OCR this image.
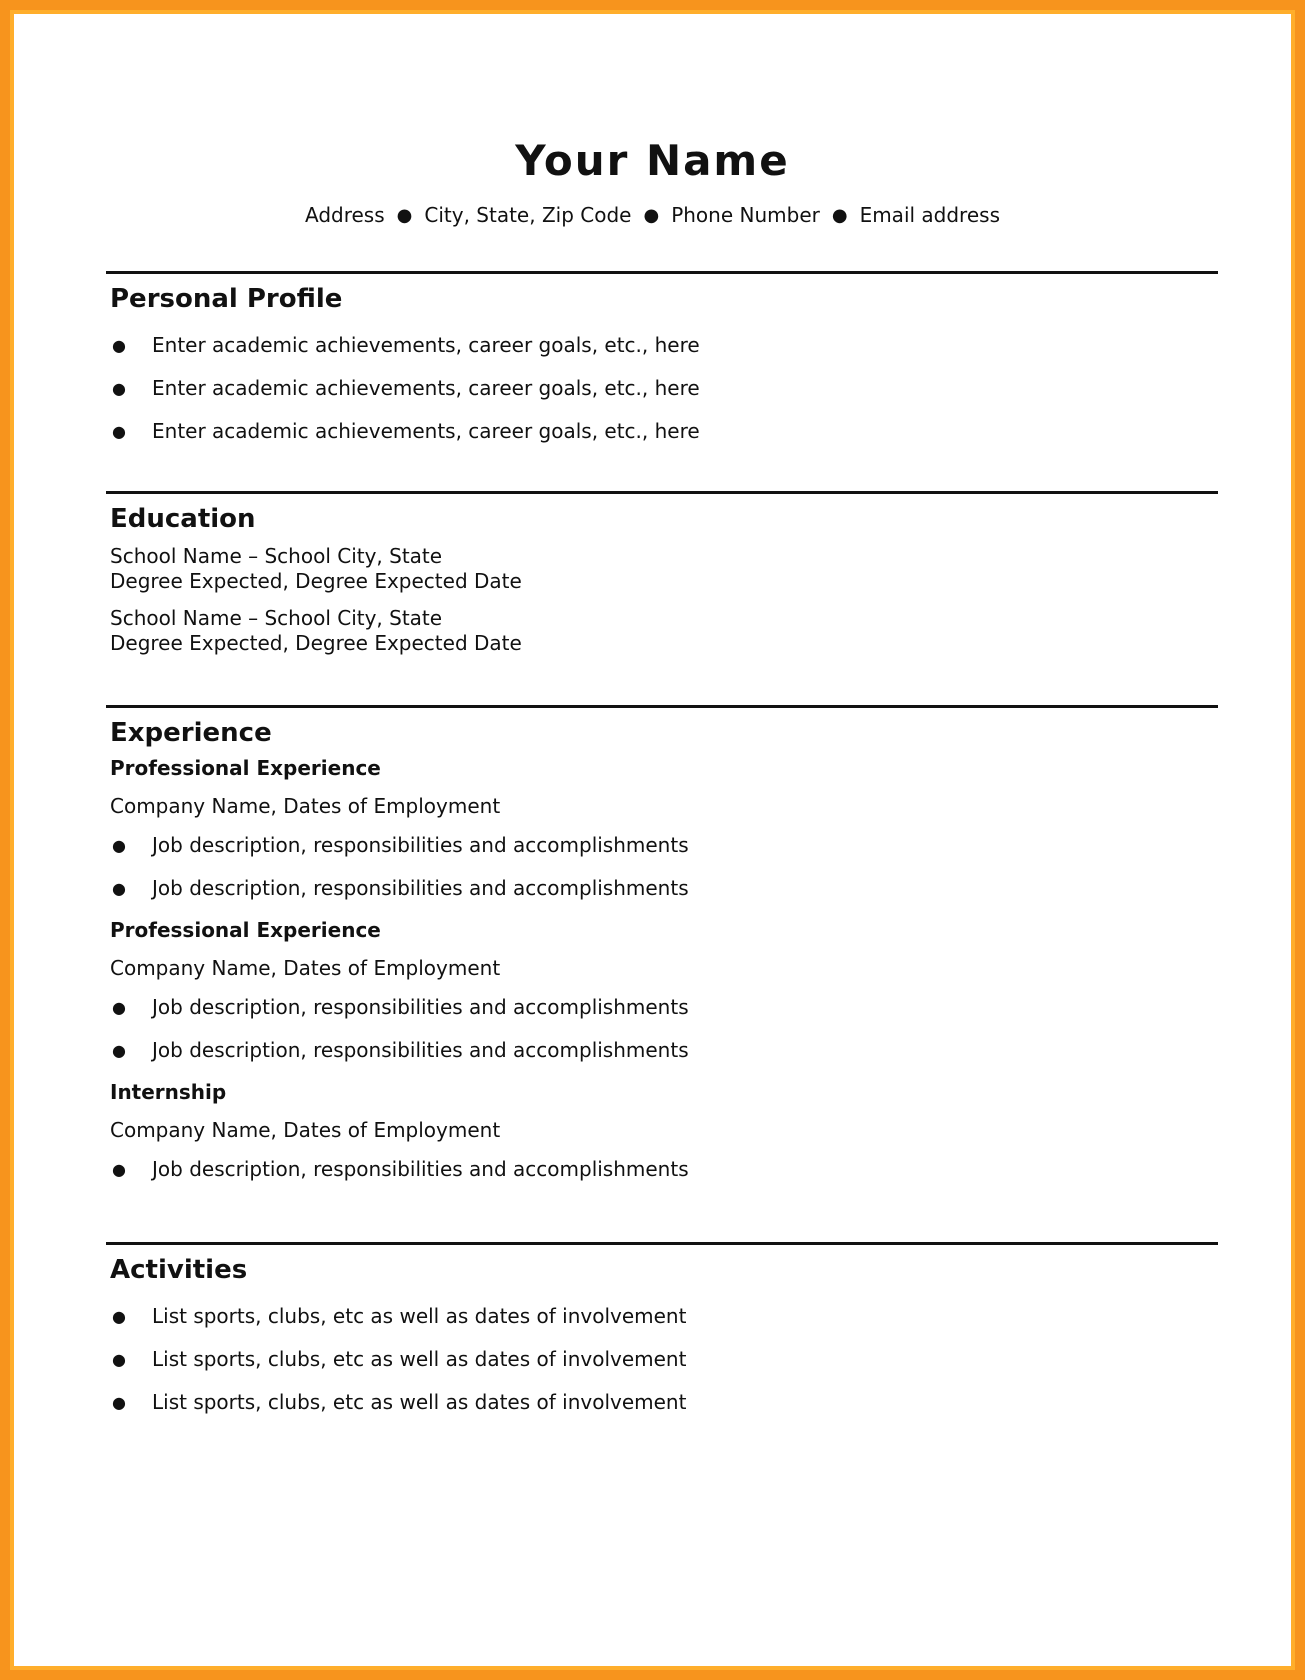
Your Name
Address ● City, State, Zip Code ● Phone Number ● Email address
Personal Profile
●	Enter academic achievements, career goals, etc., here
●	Enter academic achievements, career goals, etc., here
●	Enter academic achievements, career goals, etc., here
Education
School Name – School City, State
Degree Expected, Degree Expected Date
School Name – School City, State
Degree Expected, Degree Expected Date
Experience
Professional Experience
Company Name, Dates of Employment
●	Job description, responsibilities and accomplishments
●	Job description, responsibilities and accomplishments
Professional Experience
Company Name, Dates of Employment
●	Job description, responsibilities and accomplishments
●	Job description, responsibilities and accomplishments
Internship
Company Name, Dates of Employment
●	Job description, responsibilities and accomplishments
Activities
●	List sports, clubs, etc as well as dates of involvement
●	List sports, clubs, etc as well as dates of involvement
●	List sports, clubs, etc as well as dates of involvement
